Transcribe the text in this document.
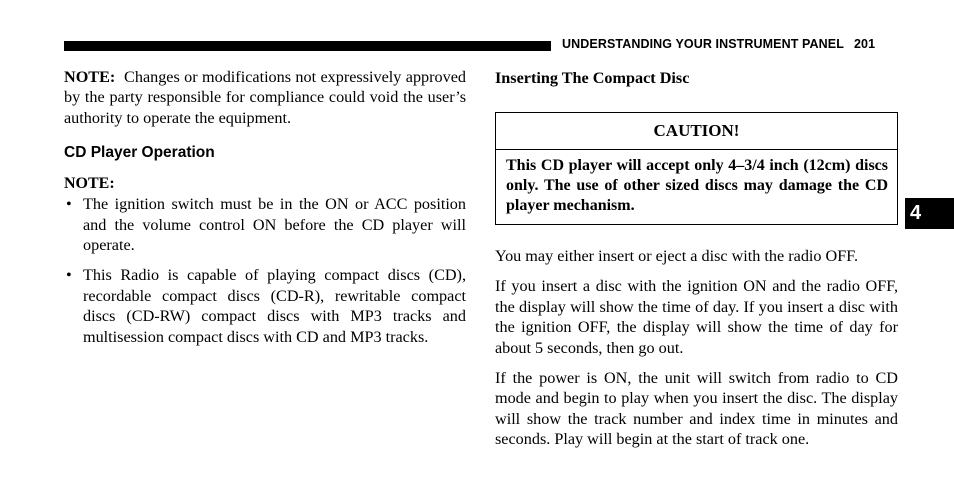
UNDERSTANDING YOUR INSTRUMENT PANEL 201

NOTE: Changes or modifications not expressively approved by the party responsible for compliance could void the user’s authority to operate the equipment.

CD Player Operation
NOTE:
• The ignition switch must be in the ON or ACC position and the volume control ON before the CD player will operate.
• This Radio is capable of playing compact discs (CD), recordable compact discs (CD-R), rewritable compact discs (CD-RW) compact discs with MP3 tracks and multisession compact discs with CD and MP3 tracks.
Inserting The Compact Disc
CAUTION!
This CD player will accept only 4–3/4 inch (12cm) discs only. The use of other sized discs may damage the CD player mechanism.

You may either insert or eject a disc with the radio OFF.

If you insert a disc with the ignition ON and the radio OFF, the display will show the time of day. If you insert a disc with the ignition OFF, the display will show the time of day for about 5 seconds, then go out.

If the power is ON, the unit will switch from radio to CD mode and begin to play when you insert the disc. The display will show the track number and index time in minutes and seconds. Play will begin at the start of track one.

4
